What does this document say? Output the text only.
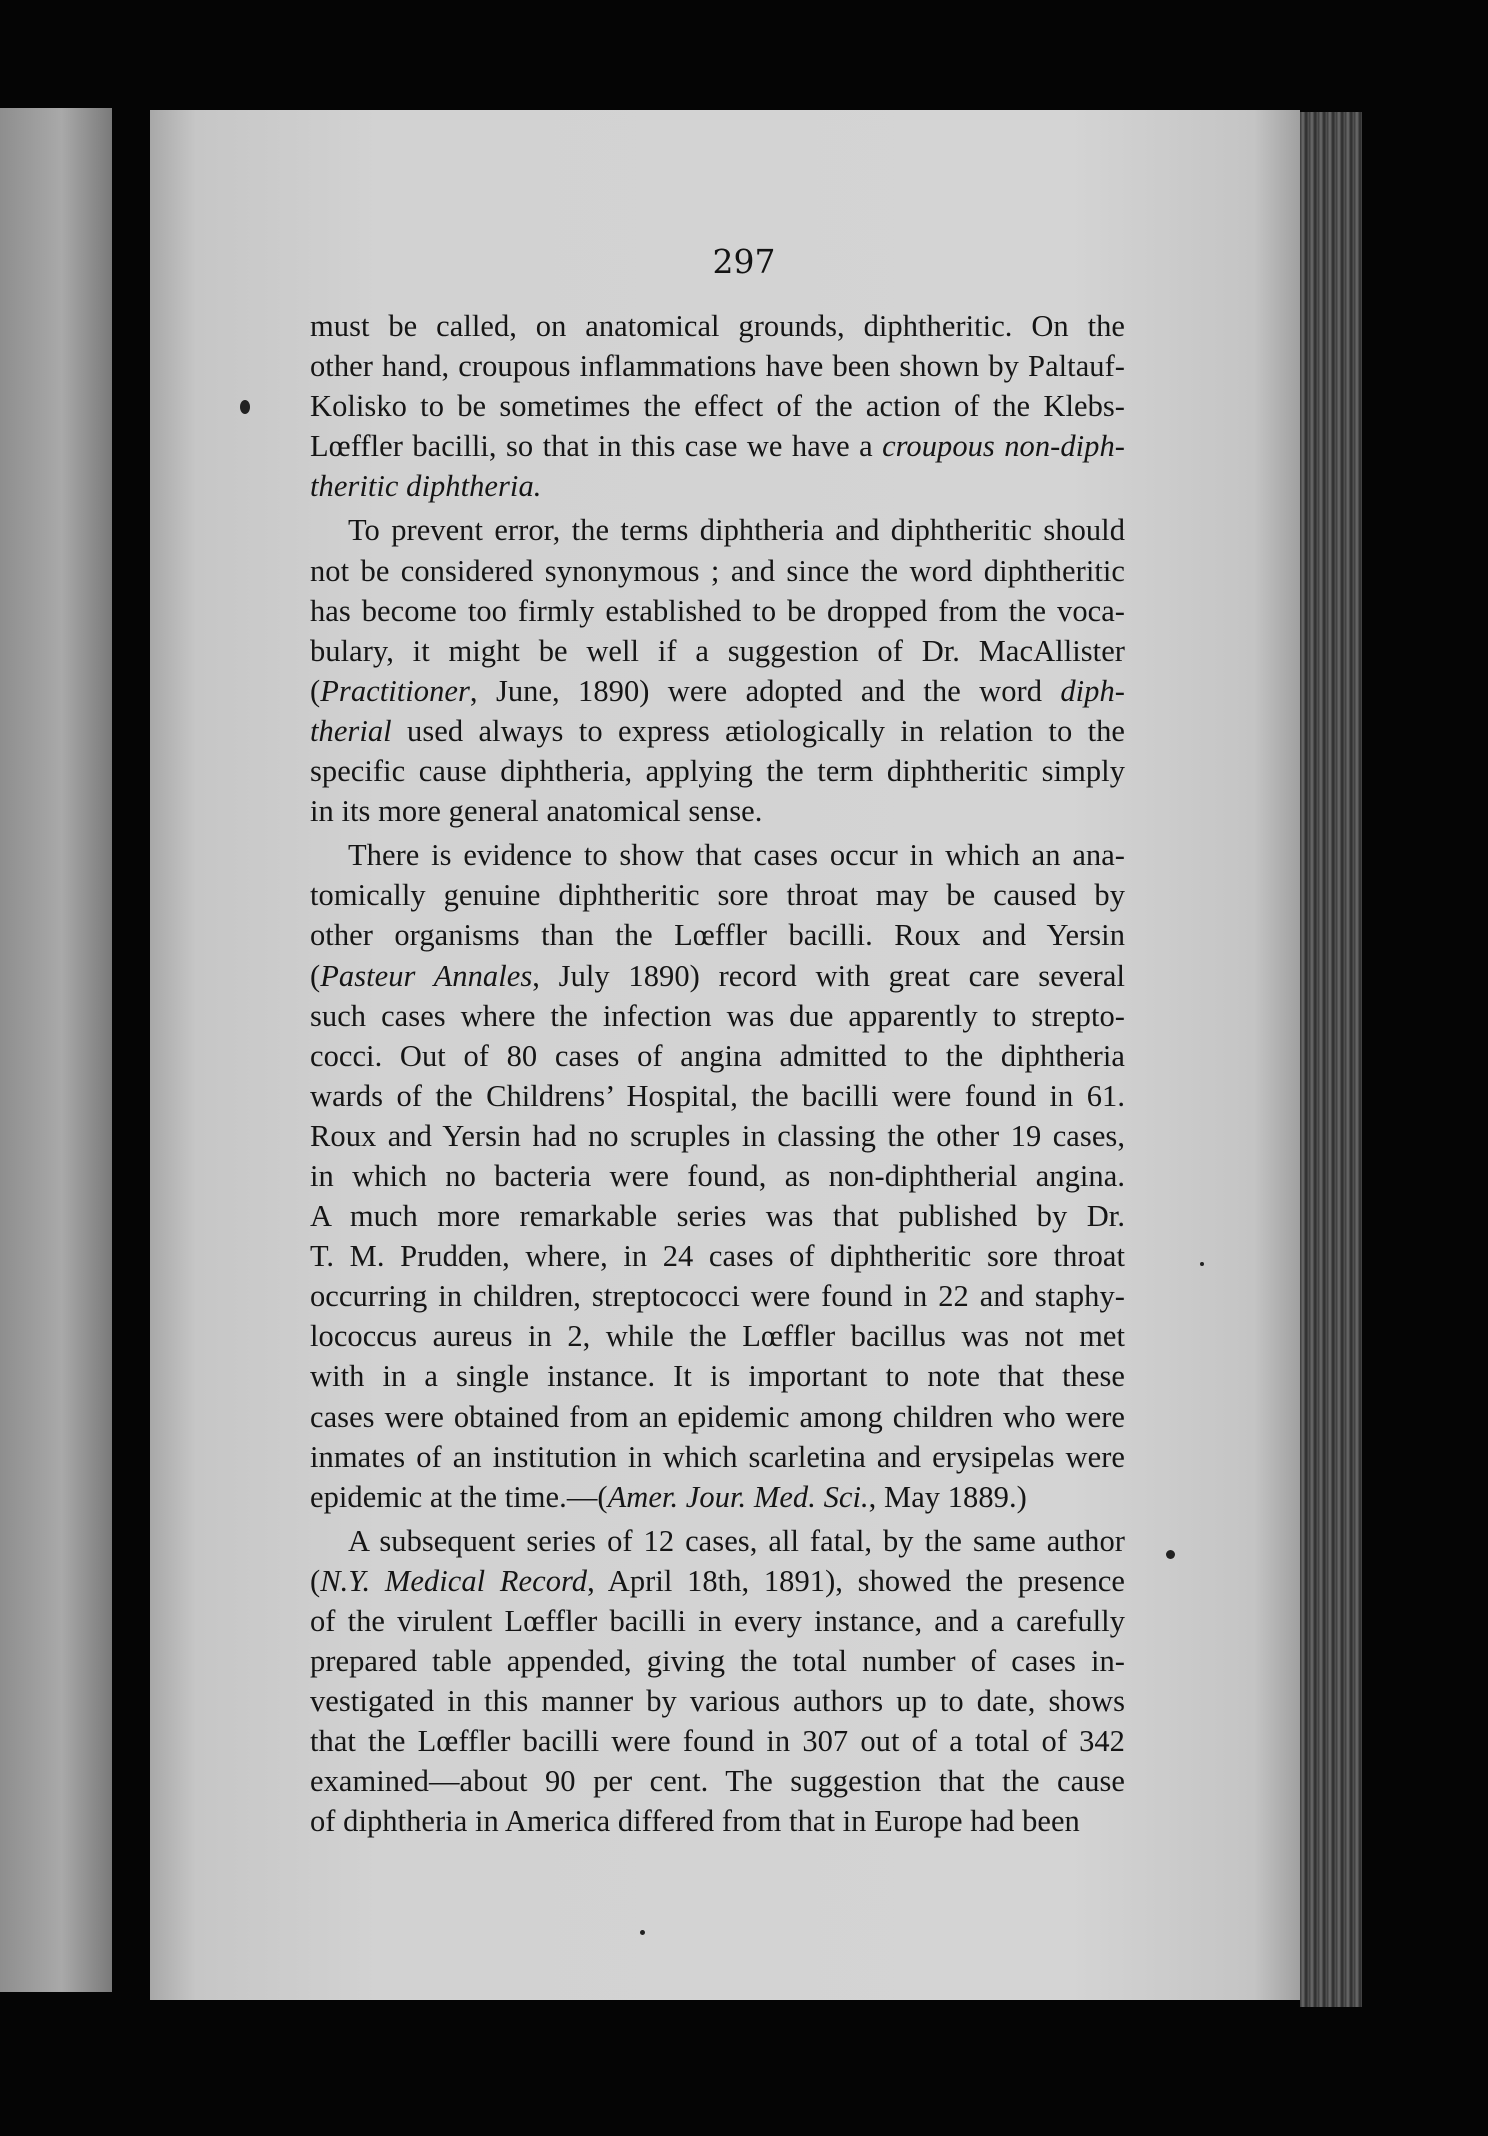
297

must be called, on anatomical grounds, diphtheritic. On the
other hand, croupous inflammations have been shown by Paltauf-
Kolisko to be sometimes the effect of the action of the Klebs-
Lœffler bacilli, so that in this case we have a croupous non-diph-
theritic diphtheria.

To prevent error, the terms diphtheria and diphtheritic should
not be considered synonymous ; and since the word diphtheritic
has become too firmly established to be dropped from the voca-
bulary, it might be well if a suggestion of Dr. MacAllister
(Practitioner, June, 1890) were adopted and the word diph-
therial used always to express ætiologically in relation to the
specific cause diphtheria, applying the term diphtheritic simply
in its more general anatomical sense.

There is evidence to show that cases occur in which an ana-
tomically genuine diphtheritic sore throat may be caused by
other organisms than the Lœffler bacilli. Roux and Yersin
(Pasteur Annales, July 1890) record with great care several
such cases where the infection was due apparently to strepto-
cocci. Out of 80 cases of angina admitted to the diphtheria
wards of the Childrens’ Hospital, the bacilli were found in 61.
Roux and Yersin had no scruples in classing the other 19 cases,
in which no bacteria were found, as non-diphtherial angina.
A much more remarkable series was that published by Dr.
T. M. Prudden, where, in 24 cases of diphtheritic sore throat
occurring in children, streptococci were found in 22 and staphy-
lococcus aureus in 2, while the Lœffler bacillus was not met
with in a single instance. It is important to note that these
cases were obtained from an epidemic among children who were
inmates of an institution in which scarletina and erysipelas were
epidemic at the time.—(Amer. Jour. Med. Sci., May 1889.)

A subsequent series of 12 cases, all fatal, by the same author
(N.Y. Medical Record, April 18th, 1891), showed the presence
of the virulent Lœffler bacilli in every instance, and a carefully
prepared table appended, giving the total number of cases in-
vestigated in this manner by various authors up to date, shows
that the Lœffler bacilli were found in 307 out of a total of 342
examined—about 90 per cent. The suggestion that the cause
of diphtheria in America differed from that in Europe had been
